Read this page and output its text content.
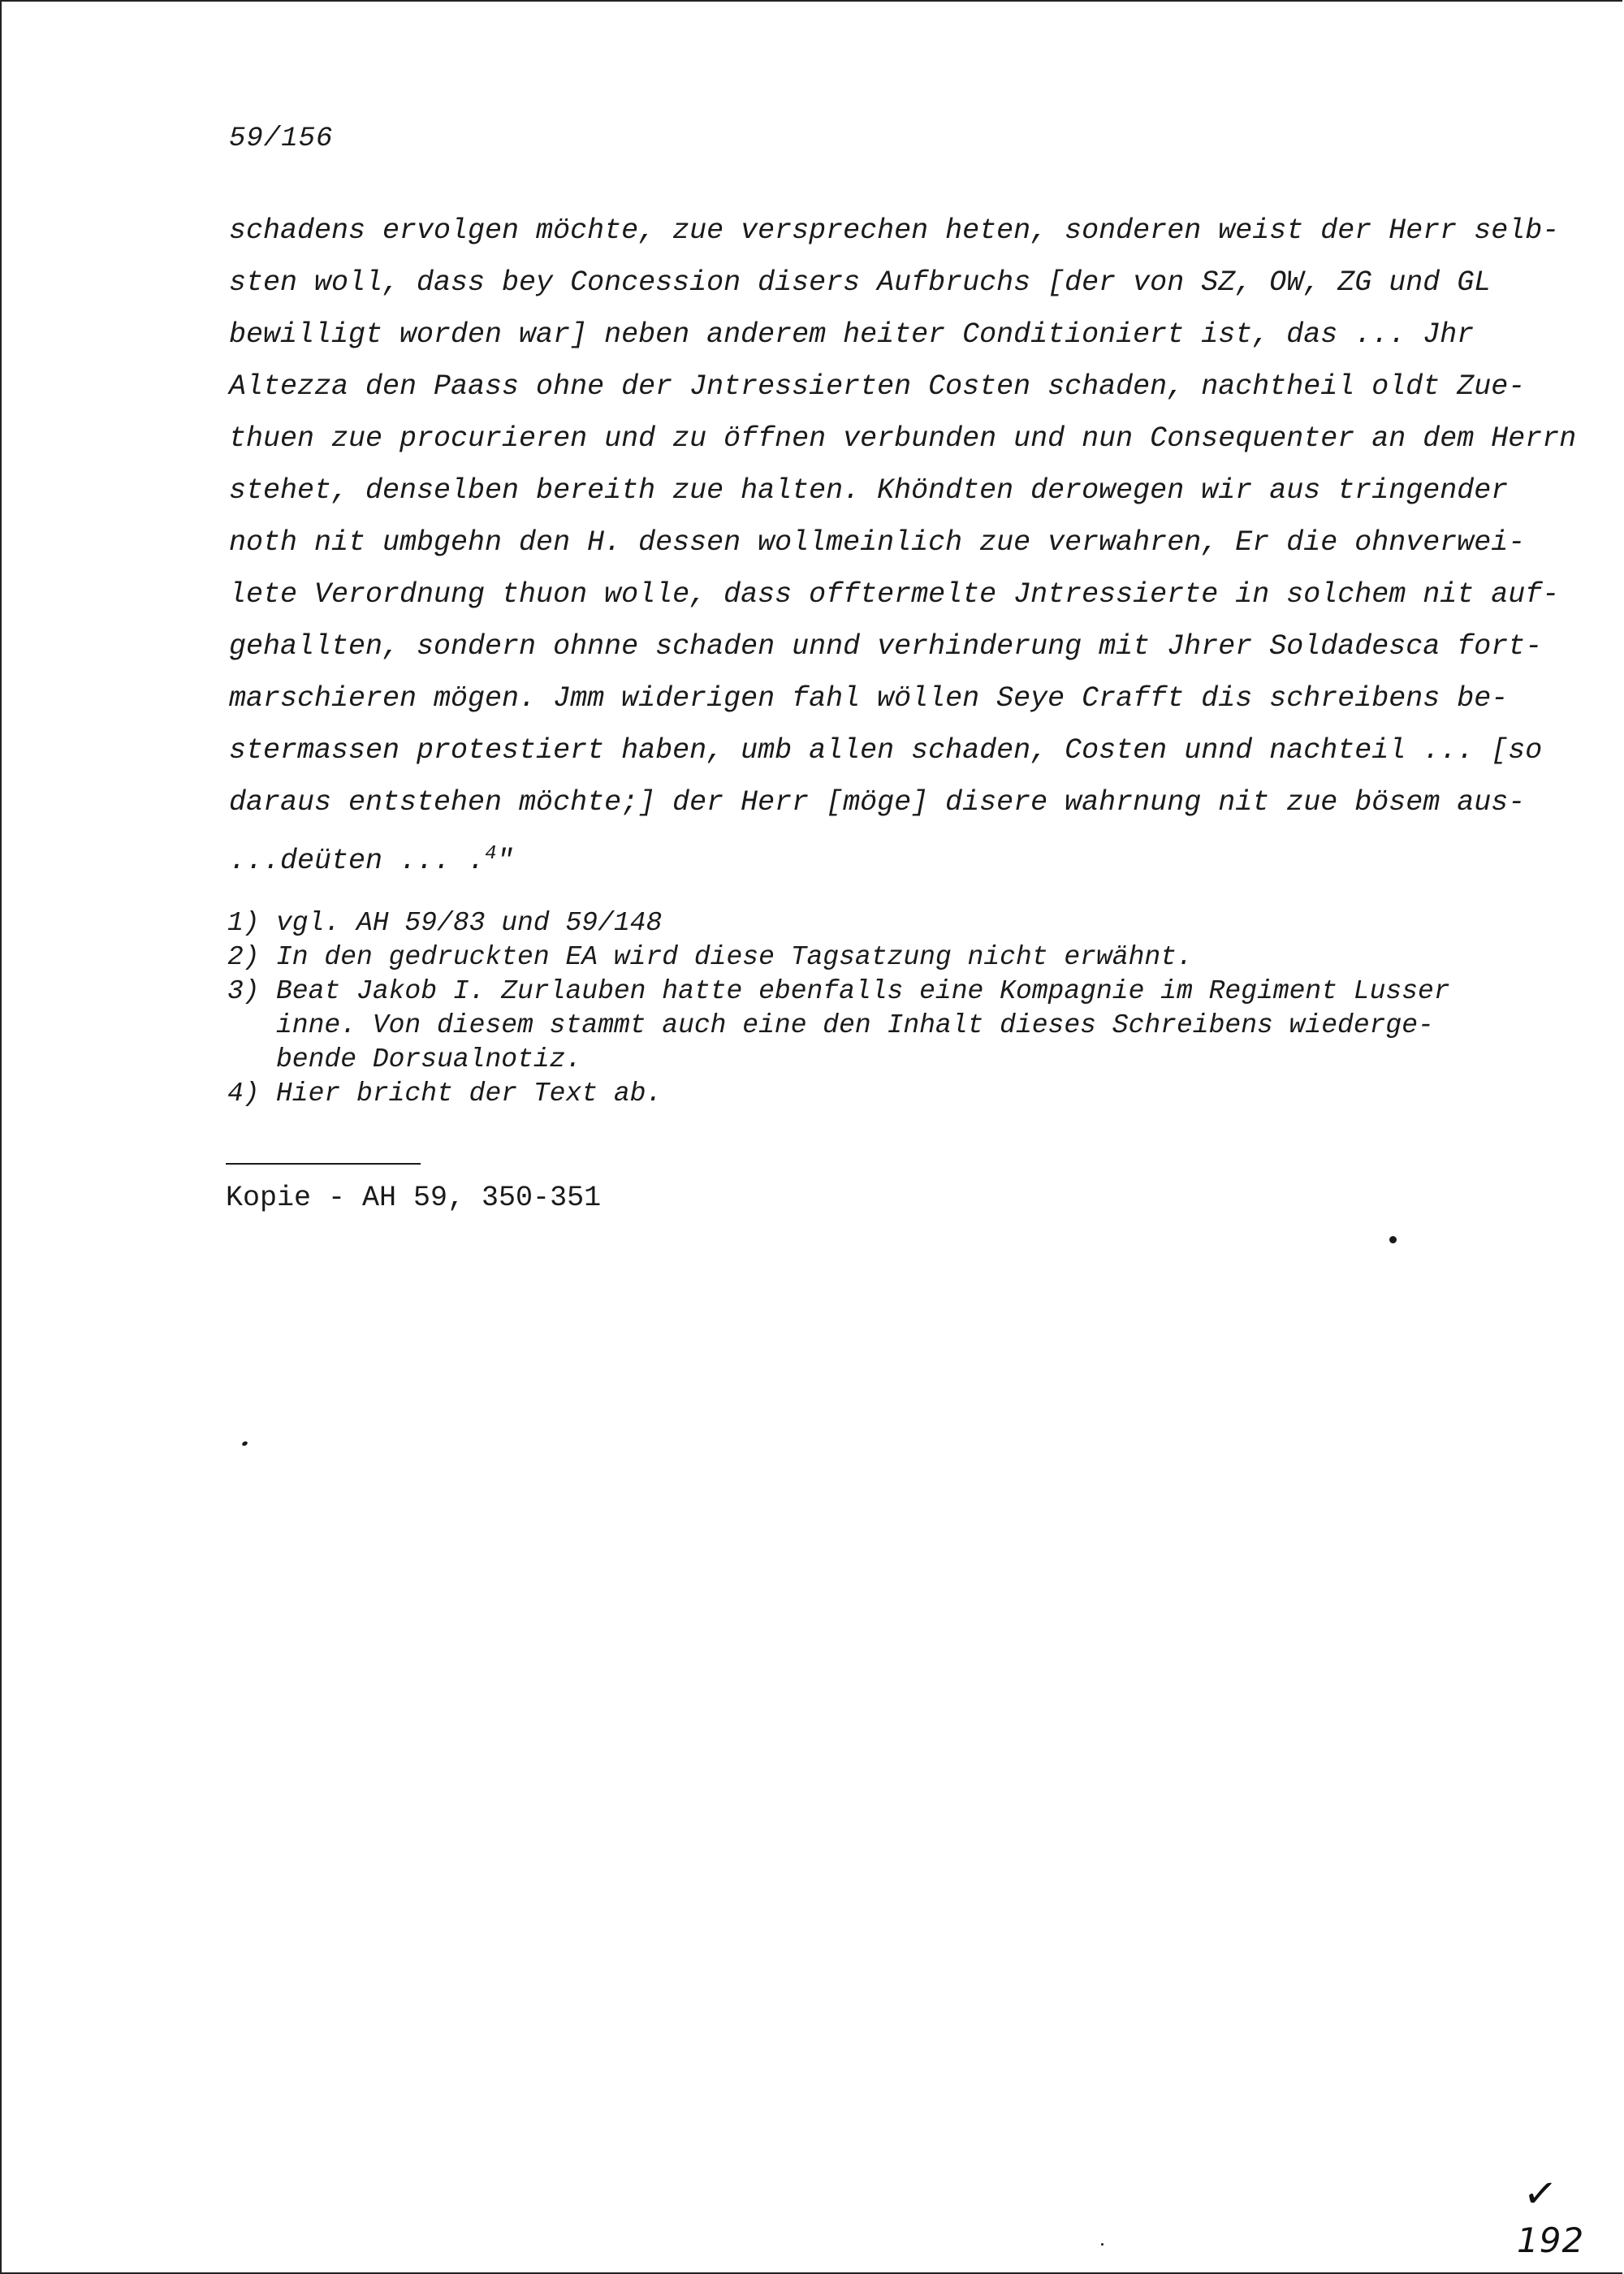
59/156
schadens ervolgen möchte, zue versprechen heten, sonderen weist der Herr selb-
sten woll, dass bey Concession disers Aufbruchs [der von SZ, OW, ZG und GL
bewilligt worden war] neben anderem heiter Conditioniert ist, das ... Jhr
Altezza den Paass ohne der Jntressierten Costen schaden, nachtheil oldt Zue-
thuen zue procurieren und zu öffnen verbunden und nun Consequenter an dem Herrn
stehet, denselben bereith zue halten. Khöndten derowegen wir aus tringender
noth nit umbgehn den H. dessen wollmeinlich zue verwahren, Er die ohnverwei-
lete Verordnung thuon wolle, dass offtermelte Jntressierte in solchem nit auf-
gehallten, sondern ohnne schaden unnd verhinderung mit Jhrer Soldadesca fort-
marschieren mögen. Jmm widerigen fahl wöllen Seye Crafft dis schreibens be-
stermassen protestiert haben, umb allen schaden, Costen unnd nachteil ... [so
daraus entstehen möchte;] der Herr [möge] disere wahrnung nit zue bösem aus-
...deüten ... .$^4$"
1) vgl. AH 59/83 und 59/148
2) In den gedruckten EA wird diese Tagsatzung nicht erwähnt.
3) Beat Jakob I. Zurlauben hatte ebenfalls eine Kompagnie im Regiment Lusser
inne. Von diesem stammt auch eine den Inhalt dieses Schreibens wiederge-
bende Dorsualnotiz.
4) Hier bricht der Text ab.
Kopie - AH 59, 350-351
✓
192
